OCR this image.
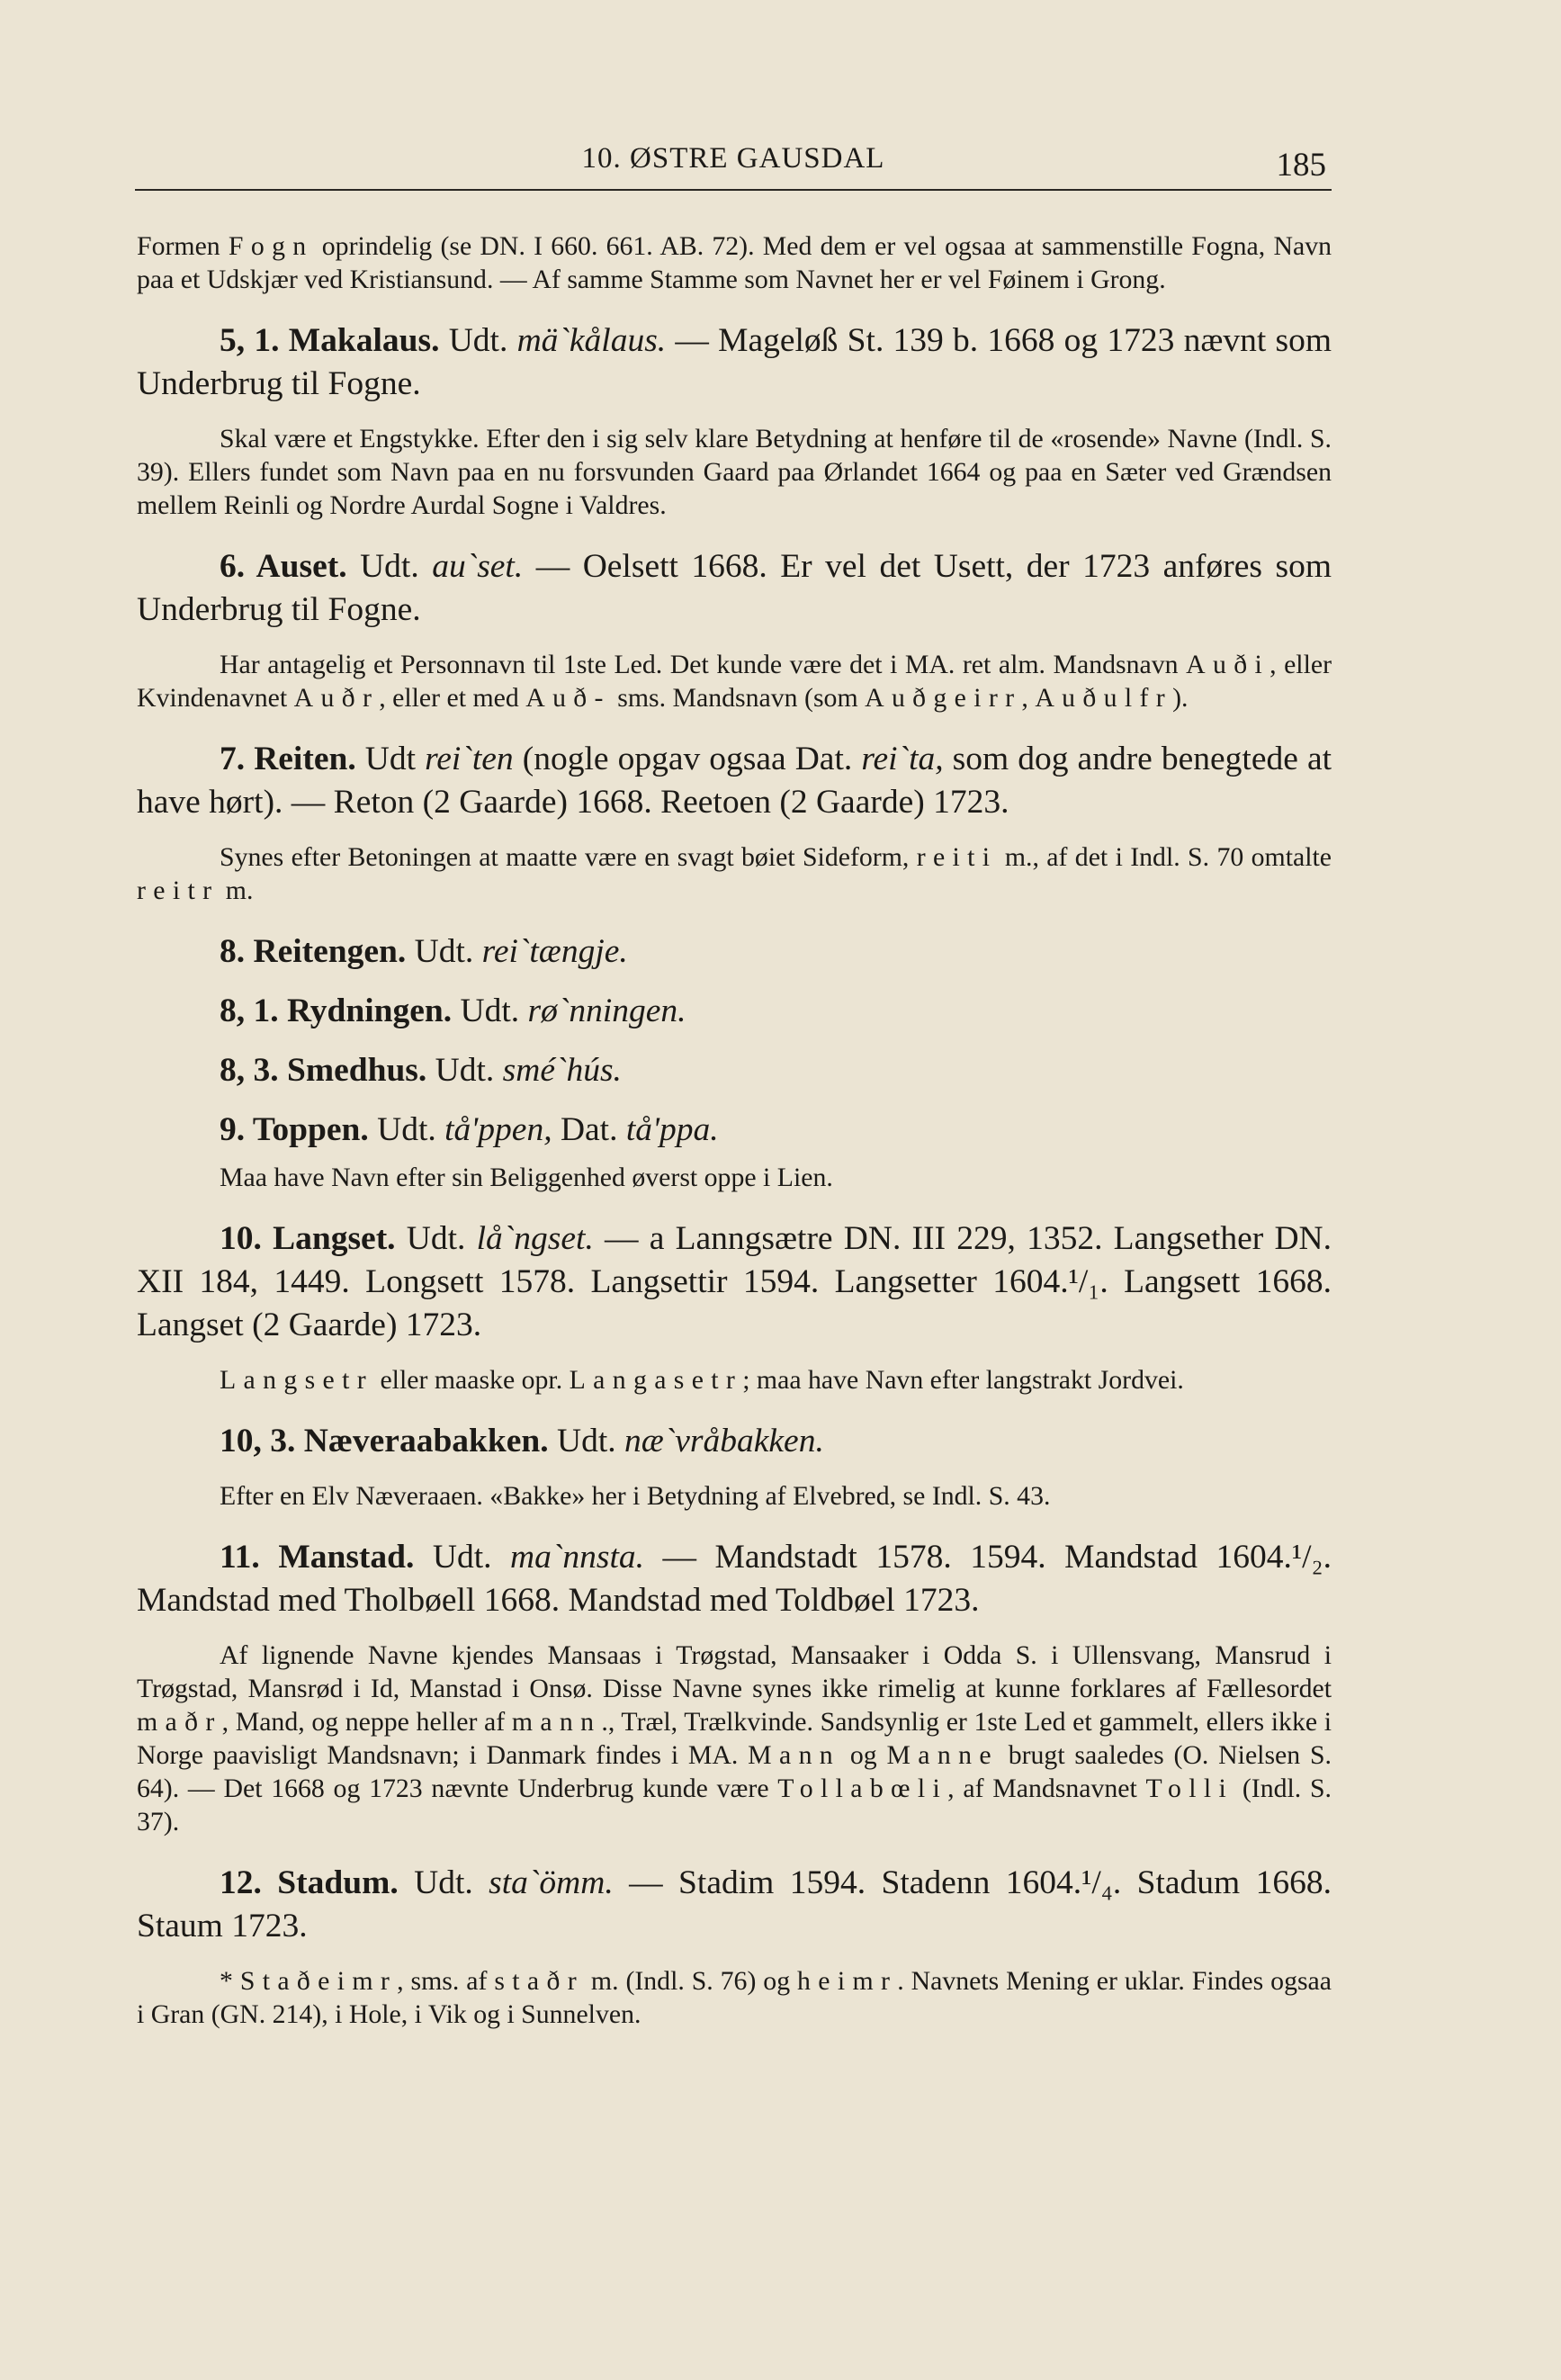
10. ØSTRE GAUSDAL	185

Formen Fogn oprindelig (se DN. I 660. 661. AB. 72). Med dem er vel ogsaa at sammenstille Fogna, Navn paa et Udskjær ved Kristiansund. — Af samme Stamme som Navnet her er vel Føinem i Grong.

5, 1. Makalaus. Udt. mä`kålaus. — Mageløß St. 139 b. 1668 og 1723 nævnt som Underbrug til Fogne.

Skal være et Engstykke. Efter den i sig selv klare Betydning at henføre til de «rosende» Navne (Indl. S. 39). Ellers fundet som Navn paa en nu forsvunden Gaard paa Ørlandet 1664 og paa en Sæter ved Grændsen mellem Reinli og Nordre Aurdal Sogne i Valdres.

6. Auset. Udt. au`set. — Oelsett 1668. Er vel det Usett, der 1723 anføres som Underbrug til Fogne.

Har antagelig et Personnavn til 1ste Led. Det kunde være det i MA. ret alm. Mandsnavn Auði, eller Kvindenavnet Auðr, eller et med Auð- sms. Mandsnavn (som Auðgeirr, Auðulfr).

7. Reiten. Udt rei`ten (nogle opgav ogsaa Dat. rei`ta, som dog andre benegtede at have hørt). — Reton (2 Gaarde) 1668. Reetoen (2 Gaarde) 1723.

Synes efter Betoningen at maatte være en svagt bøiet Sideform, reiti m., af det i Indl. S. 70 omtalte reitr m.

8. Reitengen. Udt. rei`tængje.

8, 1. Rydningen. Udt. rø`nningen.

8, 3. Smedhus. Udt. smé`hús.

9. Toppen. Udt. tå'ppen, Dat. tå'ppa.

Maa have Navn efter sin Beliggenhed øverst oppe i Lien.

10. Langset. Udt. lå`ngset. — a Lanngsætre DN. III 229, 1352. Langsether DN. XII 184, 1449. Longsett 1578. Langsettir 1594. Langsetter 1604.¹/₁. Langsett 1668. Langset (2 Gaarde) 1723.

Langsetr eller maaske opr. Langasetr; maa have Navn efter langstrakt Jordvei.

10, 3. Næveraabakken. Udt. næ`vråbakken.

Efter en Elv Næveraaen. «Bakke» her i Betydning af Elvebred, se Indl. S. 43.

11. Manstad. Udt. ma`nnsta. — Mandstadt 1578. 1594. Mandstad 1604.¹/₂. Mandstad med Tholbøell 1668. Mandstad med Toldbøel 1723.

Af lignende Navne kjendes Mansaas i Trøgstad, Mansaaker i Odda S. i Ullensvang, Mansrud i Trøgstad, Mansrød i Id, Manstad i Onsø. Disse Navne synes ikke rimelig at kunne forklares af Fællesordet maðr, Mand, og neppe heller af mann., Træl, Trælkvinde. Sandsynlig er 1ste Led et gammelt, ellers ikke i Norge paavisligt Mandsnavn; i Danmark findes i MA. Mann og Manne brugt saaledes (O. Nielsen S. 64). — Det 1668 og 1723 nævnte Underbrug kunde være Tollabœli, af Mandsnavnet Tolli (Indl. S. 37).

12. Stadum. Udt. sta`ömm. — Stadim 1594. Stadenn 1604.¹/₄. Stadum 1668. Staum 1723.

* Staðeimr, sms. af staðr m. (Indl. S. 76) og heimr. Navnets Mening er uklar. Findes ogsaa i Gran (GN. 214), i Hole, i Vik og i Sunnelven.
